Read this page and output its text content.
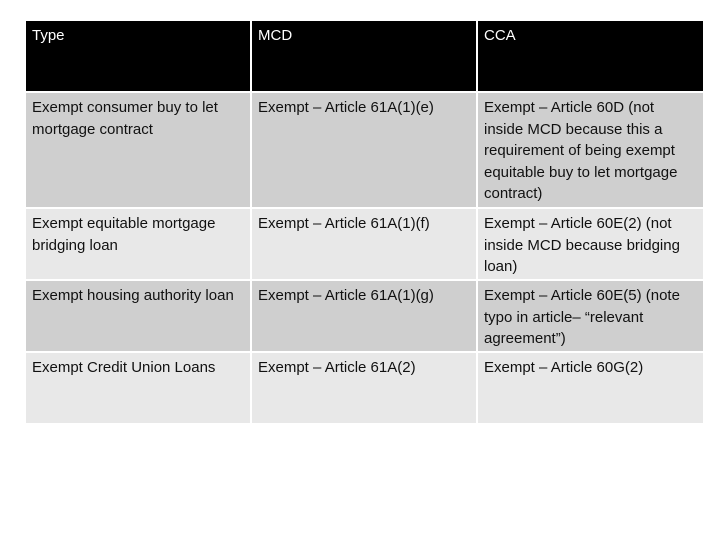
Type	MCD	CCA
Exempt consumer buy to let mortgage contract	Exempt – Article 61A(1)(e)	Exempt – Article 60D (not inside MCD because this a requirement of being exempt equitable buy to let mortgage contract)
Exempt equitable mortgage bridging loan	Exempt – Article 61A(1)(f)	Exempt – Article 60E(2) (not inside MCD because bridging loan)
Exempt housing authority loan	Exempt – Article 61A(1)(g)	Exempt – Article 60E(5) (note typo in article– “relevant agreement”)
Exempt Credit Union Loans	Exempt – Article 61A(2)	Exempt – Article 60G(2)
